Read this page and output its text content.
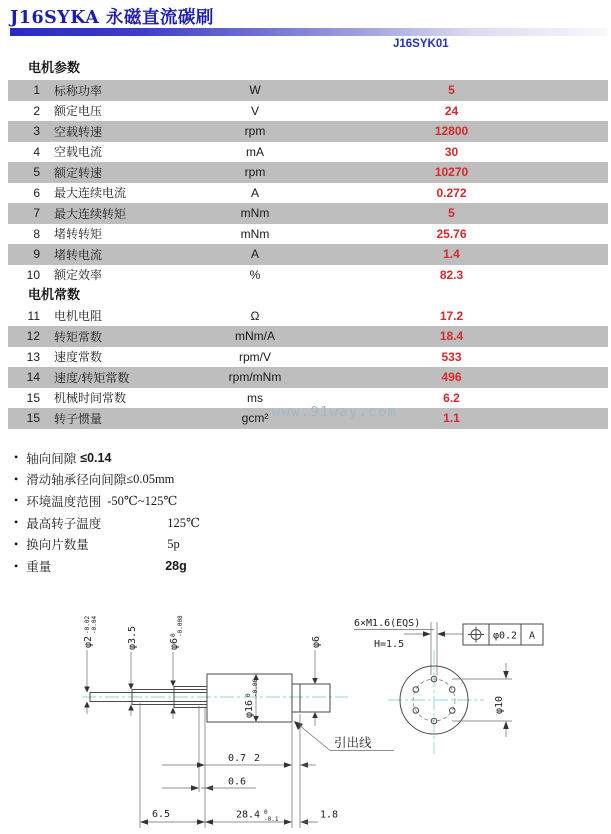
J16SYKA 永磁直流碳刷
J16SYK01
电机参数
1	标称功率	W	5
2	额定电压	V	24
3	空载转速	rpm	12800
4	空载电流	mA	30
5	额定转速	rpm	10270
6	最大连续电流	A	0.272
7	最大连续转矩	mNm	5
8	堵转转矩	mNm	25.76
9	堵转电流	A	1.4
10	额定效率	%	82.3
电机常数
11	电机电阻	Ω	17.2
12	转矩常数	mNm/A	18.4
13	速度常数	rpm/V	533
14	速度/转矩常数	rpm/mNm	496
15	机械时间常数	ms	6.2
15	转子惯量	gcm²	1.1
www.91way.com
• 轴向间隙 ≤0.14
• 滑动轴承径向间隙 ≤0.05mm
• 环境温度范围 -50℃~125℃
• 最高转子温度	125℃
• 换向片数量	5p
• 重量	28g
φ2
-0.02 -0.04
φ3.5	φ6
0 -0.008
φ6
φ16
0 -0.06
6×M1.6(EQS)
H=1.5
φ0.2 A
φ10
引出线
0.7 2
0.6
6.5	28.4 0
-0.1	1.8
